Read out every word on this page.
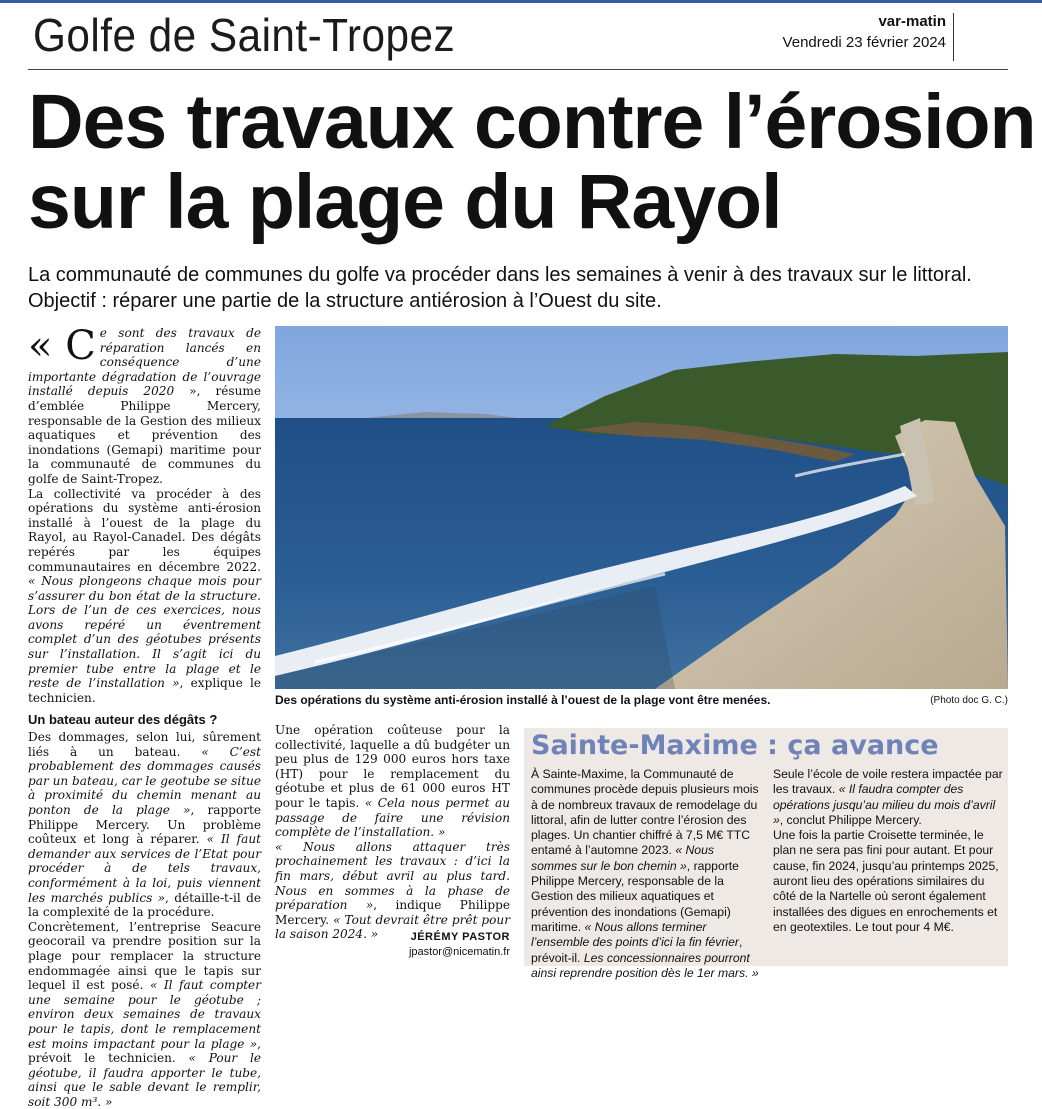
Golfe de Saint-Tropez	var-matin
Vendredi 23 février 2024
Des travaux contre l’érosion
sur la plage du Rayol
La communauté de communes du golfe va procéder dans les semaines à venir à des travaux sur le littoral. Objectif : réparer une partie de la structure antiérosion à l’Ouest du site.

« C e sont des travaux de réparation lancés en conséquence d’une importante dégradation de l’ouvrage installé depuis 2020 », résume d’emblée Philippe Mercery, responsable de la Gestion des milieux aquatiques et prévention des inondations (Gemapi) maritime pour la communauté de communes du golfe de Saint-Tropez.

La collectivité va procéder à des opérations du système anti-érosion installé à l’ouest de la plage du Rayol, au Rayol-Canadel. Des dégâts repérés par les équipes communautaires en décembre 2022. « Nous plongeons chaque mois pour s’assurer du bon état de la structure. Lors de l’un de ces exercices, nous avons repéré un éventrement complet d’un des géotubes présents sur l’installation. Il s’agit ici du premier tube entre la plage et le reste de l’installation », explique le technicien.

Un bateau auteur des dégâts ?

Des dommages, selon lui, sûrement liés à un bateau. « C’est probablement des dommages causés par un bateau, car le geotube se situe à proximité du chemin menant au ponton de la plage », rapporte Philippe Mercery. Un problème coûteux et long à réparer. « Il faut demander aux services de l’Etat pour procéder à de tels travaux, conformément à la loi, puis viennent les marchés publics », détaille-t-il de la complexité de la procédure.

Concrètement, l’entreprise Seacure geocorail va prendre position sur la plage pour remplacer la structure endommagée ainsi que le tapis sur lequel il est posé. « Il faut compter une semaine pour le géotube ; environ deux semaines de travaux pour le tapis, dont le remplacement est moins impactant pour la plage », prévoit le technicien. « Pour le géotube, il faudra apporter le tube, ainsi que le sable devant le remplir, soit 300 m³. »

Des opérations du système anti-érosion installé à l’ouest de la plage vont être menées.	(Photo doc G. C.)

Une opération coûteuse pour la collectivité, laquelle a dû budgéter un peu plus de 129 000 euros hors taxe (HT) pour le remplacement du géotube et plus de 61 000 euros HT pour le tapis. « Cela nous permet au passage de faire une révision complète de l’installation. »

« Nous allons attaquer très prochainement les travaux : d’ici la fin mars, début avril au plus tard. Nous en sommes à la phase de préparation », indique Philippe Mercery. « Tout devrait être prêt pour la saison 2024. »	JÉRÉMY PASTOR
jpastor@nicematin.fr
Sainte-Maxime : ça avance
À Sainte-Maxime, la Communauté de communes procède depuis plusieurs mois à de nombreux travaux de remodelage du littoral, afin de lutter contre l’érosion des plages. Un chantier chiffré à 7,5 M€ TTC entamé à l’automne 2023. « Nous sommes sur le bon chemin », rapporte Philippe Mercery, responsable de la Gestion des milieux aquatiques et prévention des inondations (Gemapi) maritime. « Nous allons terminer l’ensemble des points d’ici la fin février, prévoit-il. Les concessionnaires pourront ainsi reprendre position dès le 1er mars. »
Seule l’école de voile restera impactée par les travaux. « Il faudra compter des opérations jusqu’au milieu du mois d’avril », conclut Philippe Mercery.
Une fois la partie Croisette terminée, le plan ne sera pas fini pour autant. Et pour cause, fin 2024, jusqu’au printemps 2025, auront lieu des opérations similaires du côté de la Nartelle où seront également installées des digues en enrochements et en geotextiles. Le tout pour 4 M€.
